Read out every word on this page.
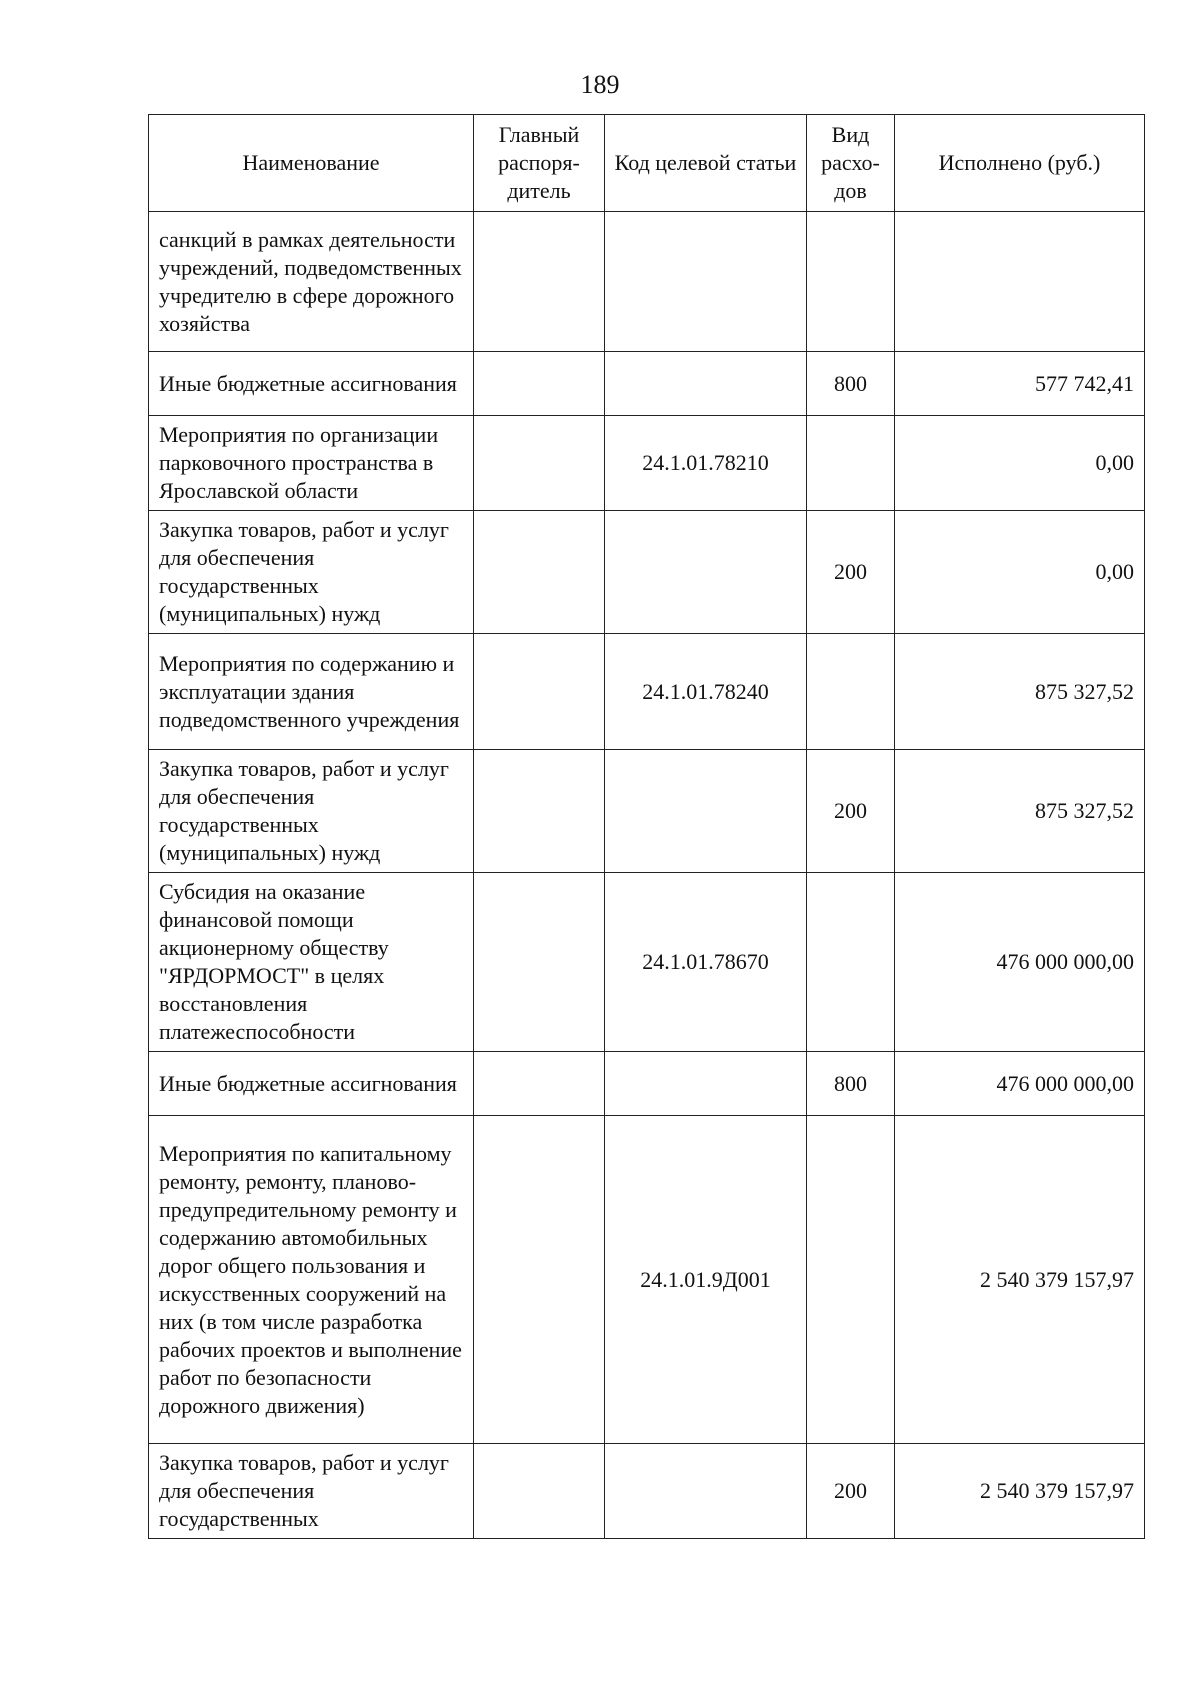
189
Наименование	Главный распоря-дитель	Код целевой статьи	Вид расхо-дов	Исполнено (руб.)
санкций в рамках деятельности учреждений, подведомственных учредителю в сфере дорожного хозяйства				
Иные бюджетные ассигнования			800	577 742,41
Мероприятия по организации парковочного пространства в Ярославской области		24.1.01.78210		0,00
Закупка товаров, работ и услуг для обеспечения государственных (муниципальных) нужд			200	0,00
Мероприятия по содержанию и эксплуатации здания подведомственного учреждения		24.1.01.78240		875 327,52
Закупка товаров, работ и услуг для обеспечения государственных (муниципальных) нужд			200	875 327,52
Субсидия на оказание финансовой помощи акционерному обществу "ЯРДОРМОСТ" в целях восстановления платежеспособности		24.1.01.78670		476 000 000,00
Иные бюджетные ассигнования			800	476 000 000,00
Мероприятия по капитальному ремонту, ремонту, планово-предупредительному ремонту и содержанию автомобильных дорог общего пользования и искусственных сооружений на них (в том числе разработка рабочих проектов и выполнение работ по безопасности дорожного движения)		24.1.01.9Д001		2 540 379 157,97
Закупка товаров, работ и услуг для обеспечения государственных			200	2 540 379 157,97
